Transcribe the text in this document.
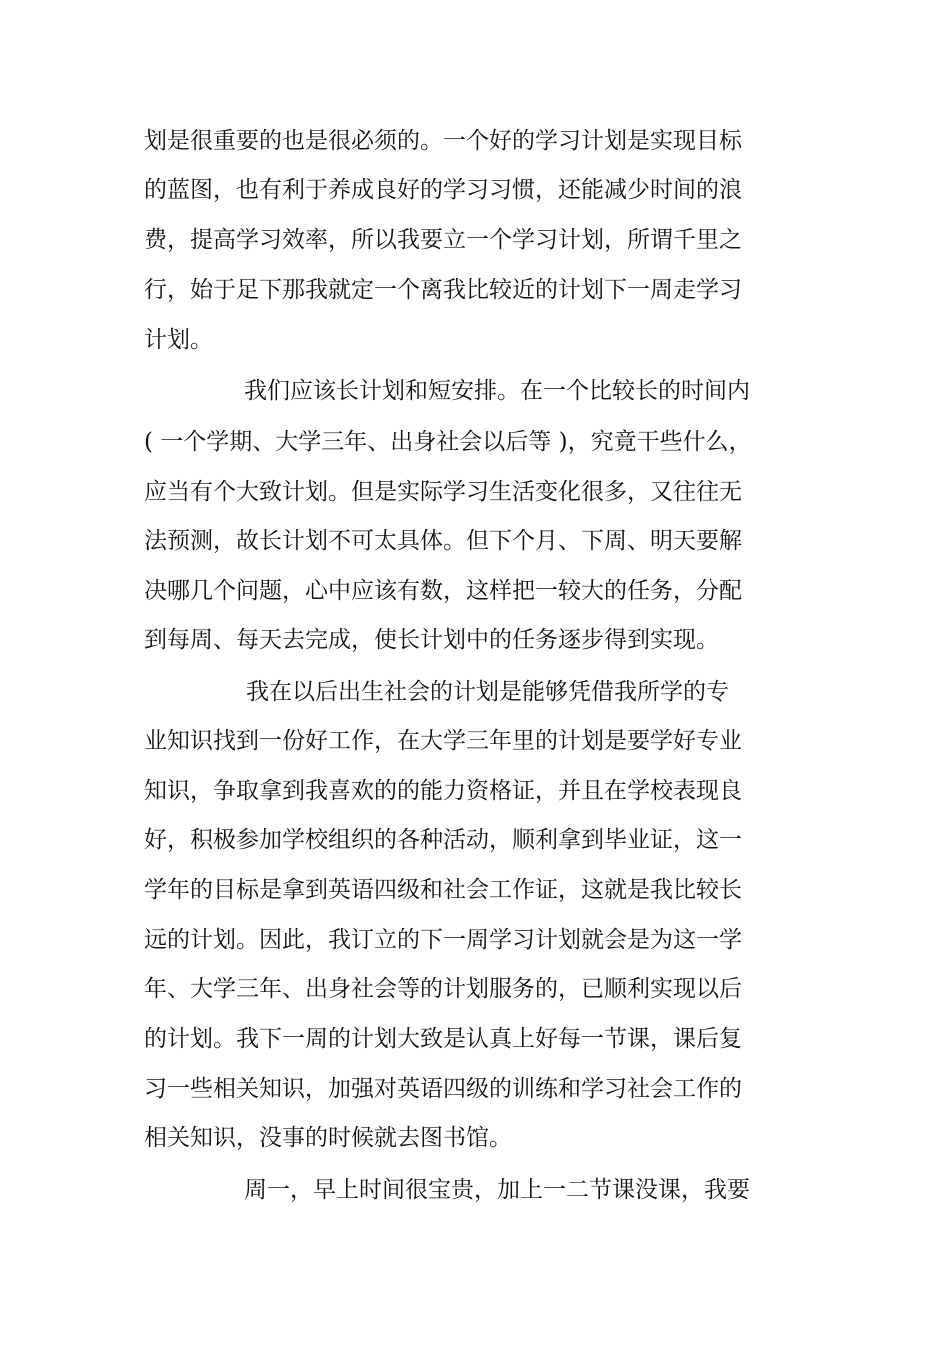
划是很重要的也是很必须的。一个好的学习计划是实现目标
的蓝图，也有利于养成良好的学习习惯，还能减少时间的浪
费，提高学习效率，所以我要立一个学习计划，所谓千里之
行，始于足下那我就定一个离我比较近的计划下一周走学习
计划。
我们应该长计划和短安排。在一个比较长的时间内
( 一个学期、大学三年、出身社会以后等 )，究竟干些什么，
应当有个大致计划。但是实际学习生活变化很多，又往往无
法预测，故长计划不可太具体。但下个月、下周、明天要解
决哪几个问题，心中应该有数，这样把一较大的任务，分配
到每周、每天去完成，使长计划中的任务逐步得到实现。
我在以后出生社会的计划是能够凭借我所学的专
业知识找到一份好工作，在大学三年里的计划是要学好专业
知识，争取拿到我喜欢的的能力资格证，并且在学校表现良
好，积极参加学校组织的各种活动，顺利拿到毕业证，这一
学年的目标是拿到英语四级和社会工作证，这就是我比较长
远的计划。因此，我订立的下一周学习计划就会是为这一学
年、大学三年、出身社会等的计划服务的，已顺利实现以后
的计划。我下一周的计划大致是认真上好每一节课，课后复
习一些相关知识，加强对英语四级的训练和学习社会工作的
相关知识，没事的时候就去图书馆。
周一，早上时间很宝贵，加上一二节课没课，我要
